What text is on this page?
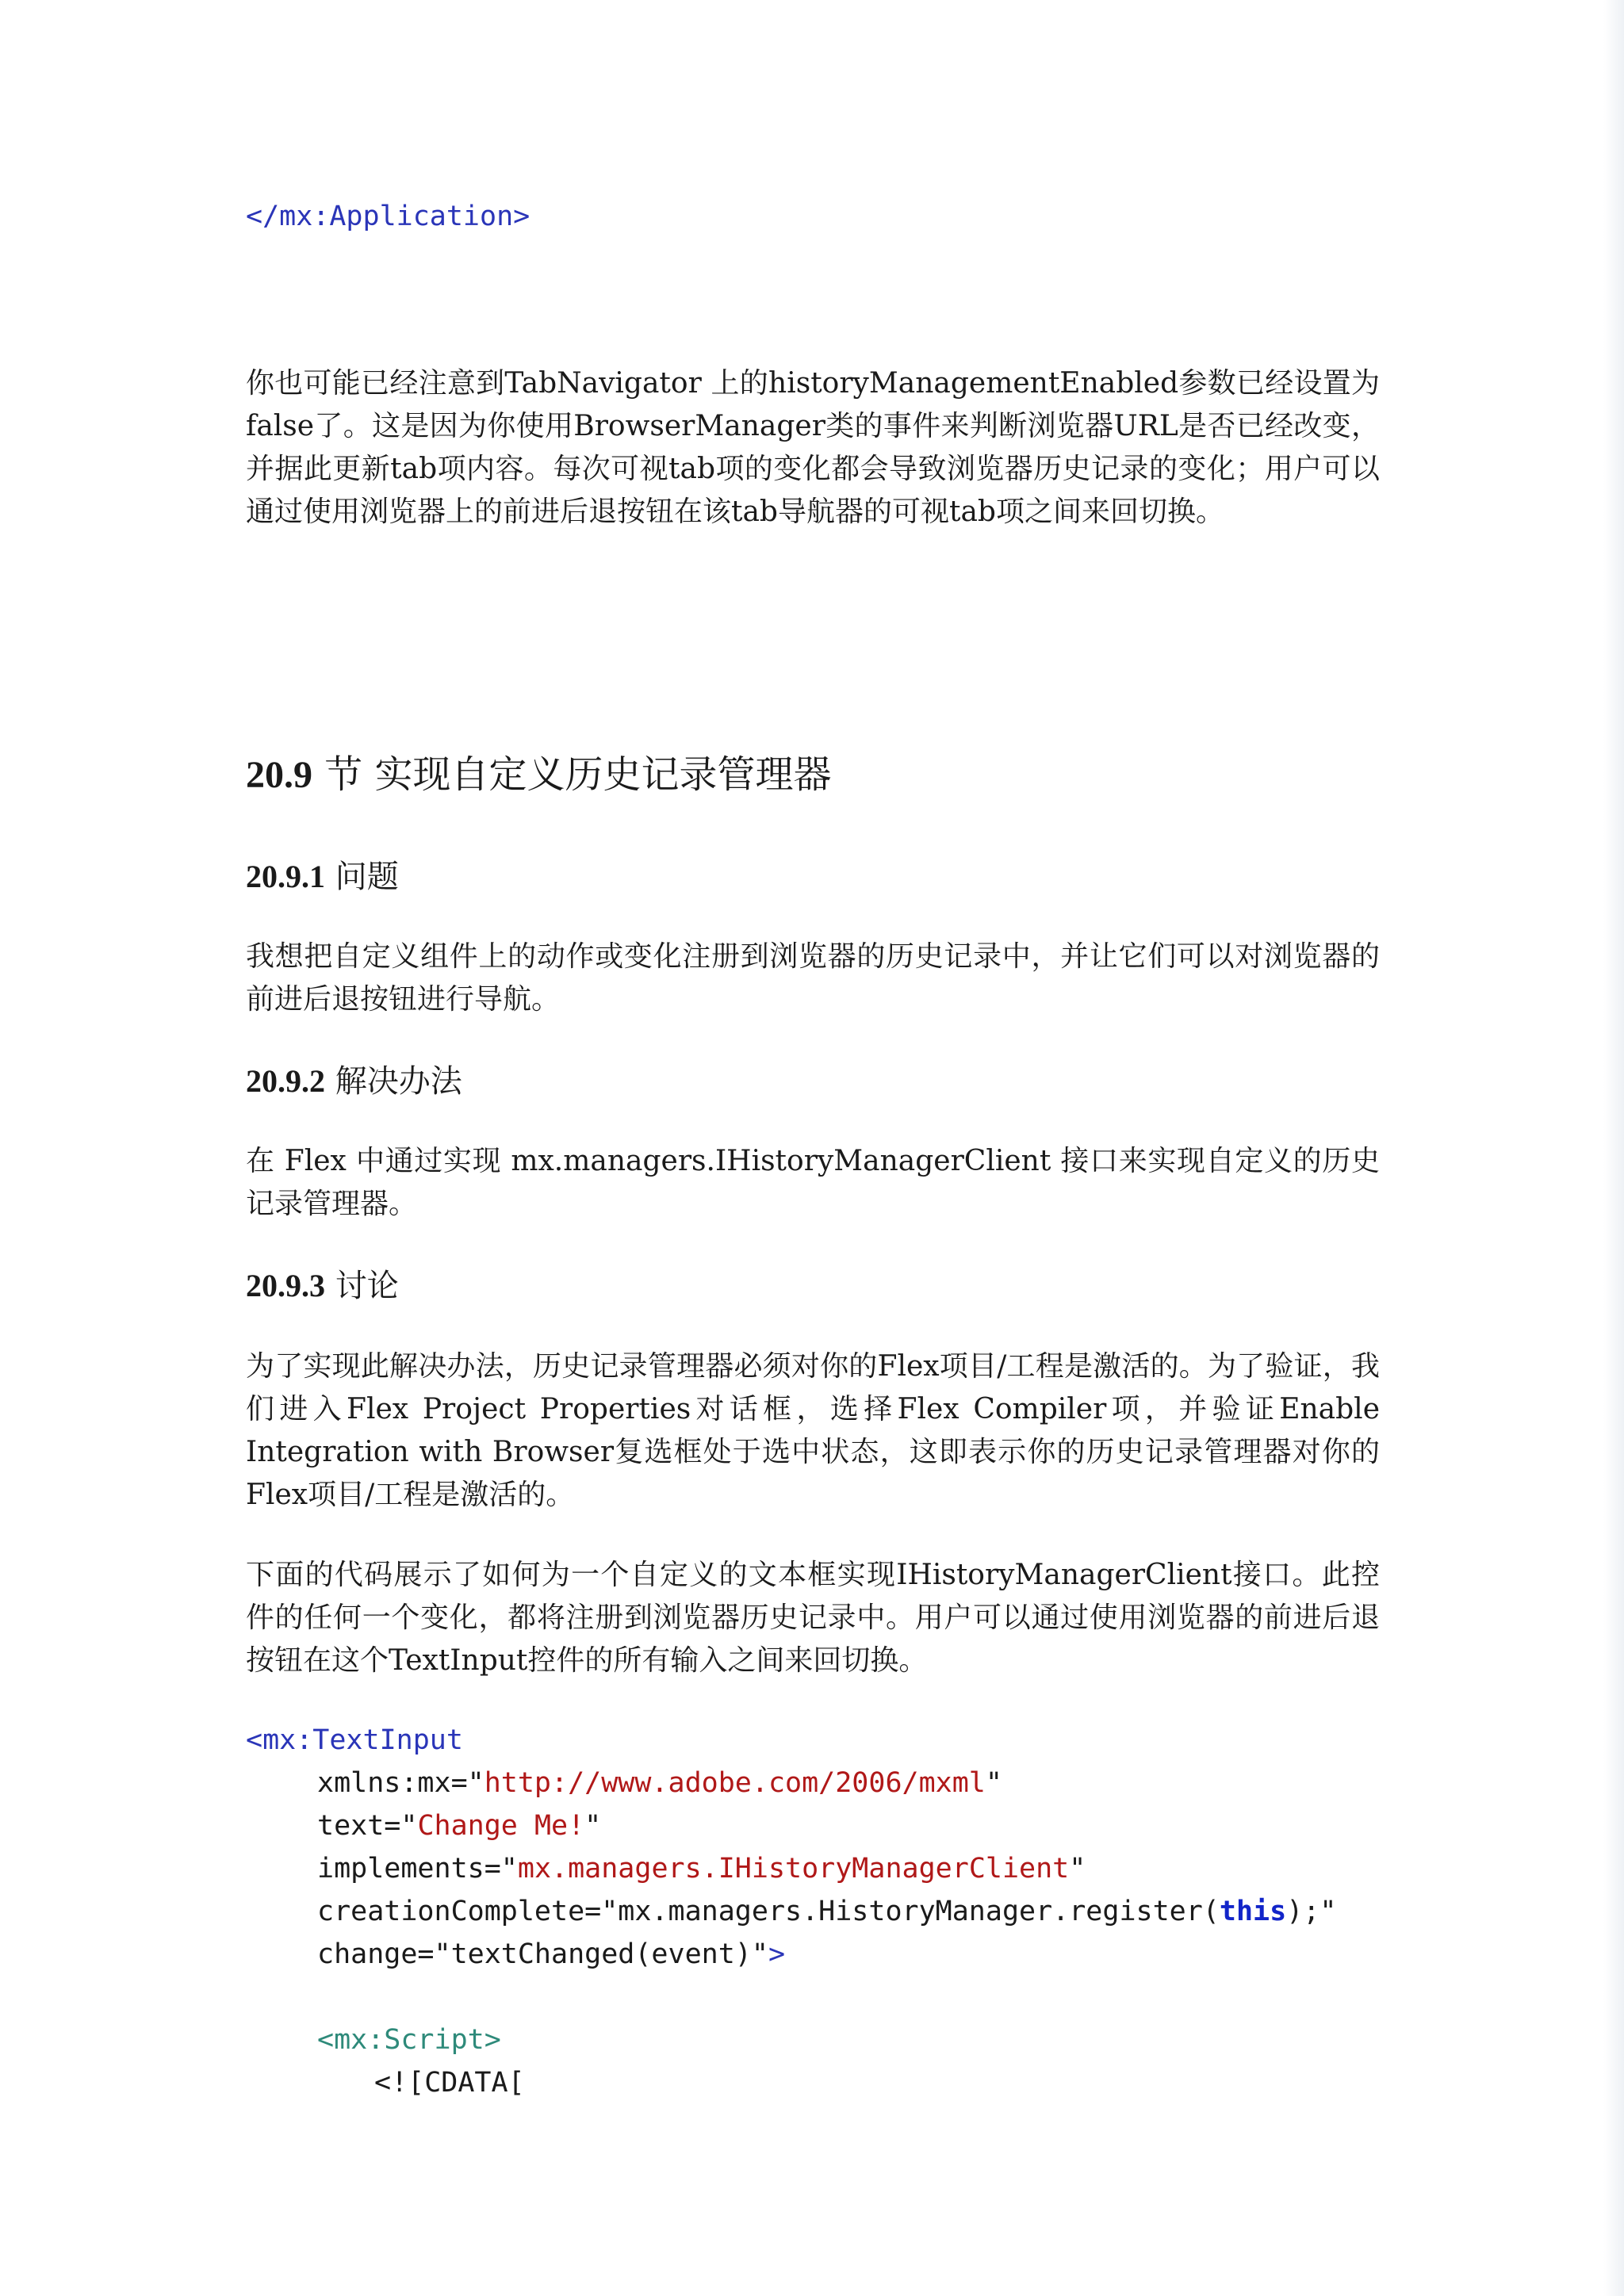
</mx:Application>
你也可能已经注意到TabNavigator 上的historyManagementEnabled参数已经设置为false了。这是因为你使用BrowserManager类的事件来判断浏览器URL是否已经改变，并据此更新tab项内容。每次可视tab项的变化都会导致浏览器历史记录的变化；用户可以通过使用浏览器上的前进后退按钮在该tab导航器的可视tab项之间来回切换。
20.9 节 实现自定义历史记录管理器
20.9.1 问题
我想把自定义组件上的动作或变化注册到浏览器的历史记录中，并让它们可以对浏览器的前进后退按钮进行导航。
20.9.2 解决办法
在 Flex 中通过实现 mx.managers.IHistoryManagerClient 接口来实现自定义的历史记录管理器。
20.9.3 讨论
为了实现此解决办法，历史记录管理器必须对你的Flex项目/工程是激活的。为了验证，我们进入Flex Project Properties对话框，选择Flex Compiler项，并验证Enable Integration with Browser复选框处于选中状态，这即表示你的历史记录管理器对你的 Flex项目/工程是激活的。
下面的代码展示了如何为一个自定义的文本框实现IHistoryManagerClient接口。此控件的任何一个变化，都将注册到浏览器历史记录中。用户可以通过使用浏览器的前进后退按钮在这个TextInput控件的所有输入之间来回切换。
<mx:TextInput
xmlns:mx="http://www.adobe.com/2006/mxml"
text="Change Me!"
implements="mx.managers.IHistoryManagerClient"
creationComplete="mx.managers.HistoryManager.register(this);"
change="textChanged(event)">
<mx:Script>
<![CDATA[
